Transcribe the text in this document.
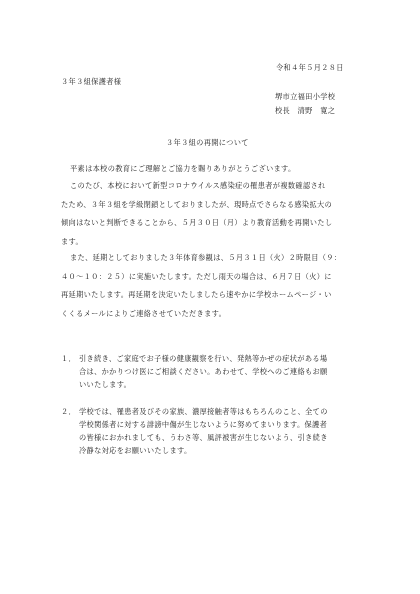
令和４年５月２８日
３年３組保護者様
堺市立福田小学校
校長　清野　寛之
３年３組の再開について
平素は本校の教育にご理解とご協力を賜りありがとうございます。
このたび、本校において新型コロナウイルス感染症の罹患者が複数確認され
たため、３年３組を学級閉鎖としておりましたが、現時点でさらなる感染拡大の
傾向はないと判断できることから、５月３０日（月）より教育活動を再開いたし
ます。
また、延期としておりました３年体育参観は、５月３１日（火）２時限目（９：
４０～１０：２５）に実施いたします。ただし雨天の場合は、６月７日（火）に
再延期いたします。再延期を決定いたしましたら速やかに学校ホームページ・い
くくるメールによりご連絡させていただきます。
１． 引き続き、ご家庭でお子様の健康観察を行い、発熱等かぜの症状がある場
合は、かかりつけ医にご相談ください。あわせて、学校へのご連絡もお願
いいたします。
２． 学校では、罹患者及びその家族、濃厚接触者等はもちろんのこと、全ての
学校関係者に対する誹謗中傷が生じないように努めてまいります。保護者
の皆様におかれましても、うわさ等、風評被害が生じないよう、引き続き
冷静な対応をお願いいたします。
